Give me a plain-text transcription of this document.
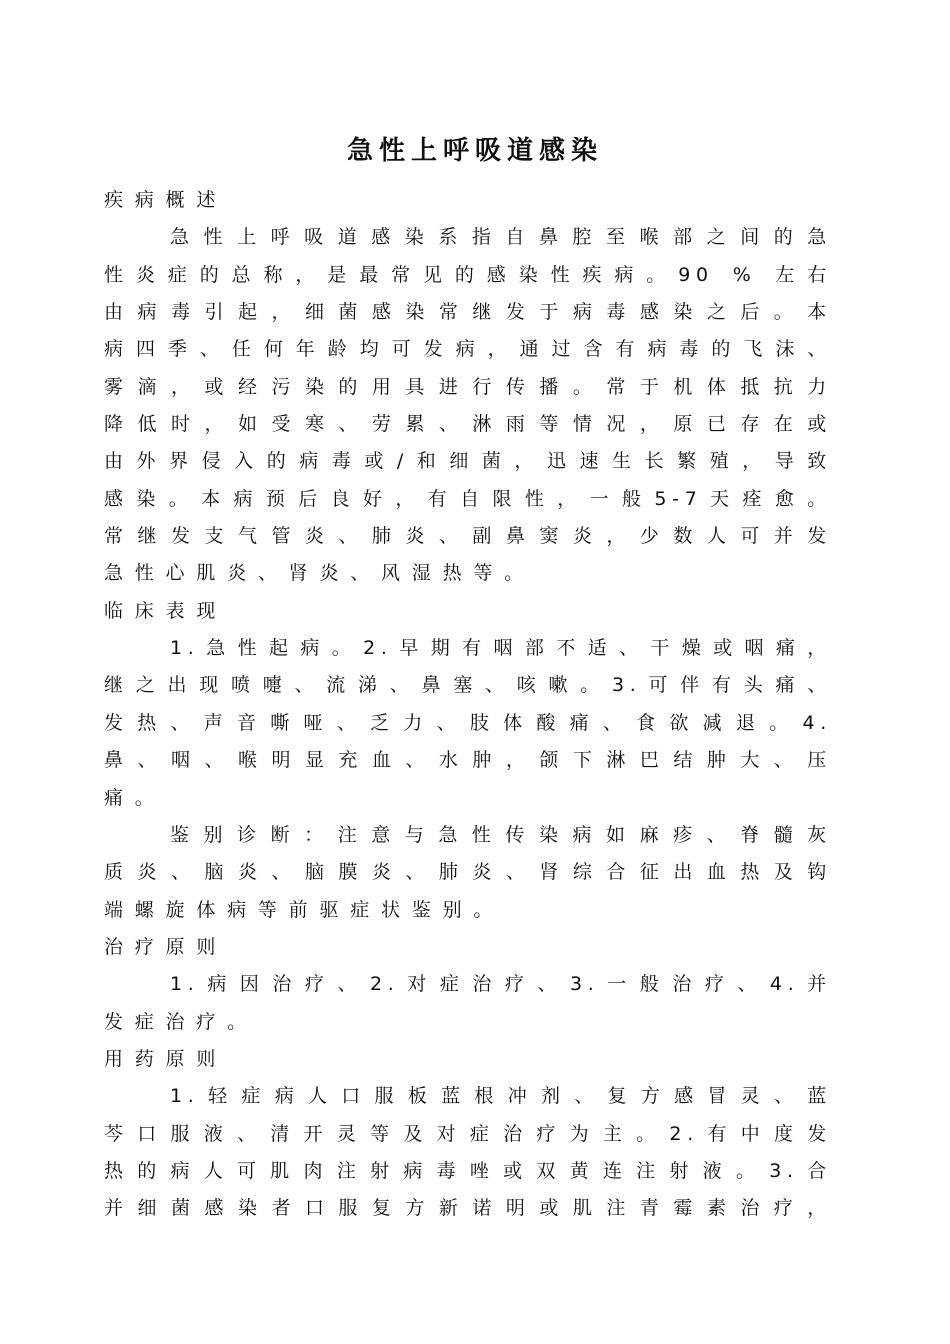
急性上呼吸道感染
疾病概述
急性上呼吸道感染系指自鼻腔至喉部之间的急
性炎症的总称，是最常见的感染性疾病。90 % 左右
由病毒引起，细菌感染常继发于病毒感染之后。本
病四季、任何年龄均可发病，通过含有病毒的飞沫、
雾滴，或经污染的用具进行传播。常于机体抵抗力
降低时，如受寒、劳累、淋雨等情况，原已存在或
由外界侵入的病毒或/和细菌，迅速生长繁殖，导致
感染。本病预后良好，有自限性，一般5-7天痊愈。
常继发支气管炎、肺炎、副鼻窦炎，少数人可并发
急性心肌炎、肾炎、风湿热等。
临床表现
1.急性起病。2.早期有咽部不适、干燥或咽痛，
继之出现喷嚏、流涕、鼻塞、咳嗽。3.可伴有头痛、
发热、声音嘶哑、乏力、肢体酸痛、食欲减退。4.
鼻、咽、喉明显充血、水肿，颌下淋巴结肿大、压
痛。
鉴别诊断：注意与急性传染病如麻疹、脊髓灰
质炎、脑炎、脑膜炎、肺炎、肾综合征出血热及钩
端螺旋体病等前驱症状鉴别。
治疗原则
1.病因治疗、2.对症治疗、3.一般治疗、4.并
发症治疗。
用药原则
1.轻症病人口服板蓝根冲剂、复方感冒灵、蓝
芩口服液、清开灵等及对症治疗为主。2.有中度发
热的病人可肌肉注射病毒唑或双黄连注射液。3.合
并细菌感染者口服复方新诺明或肌注青霉素治疗，
